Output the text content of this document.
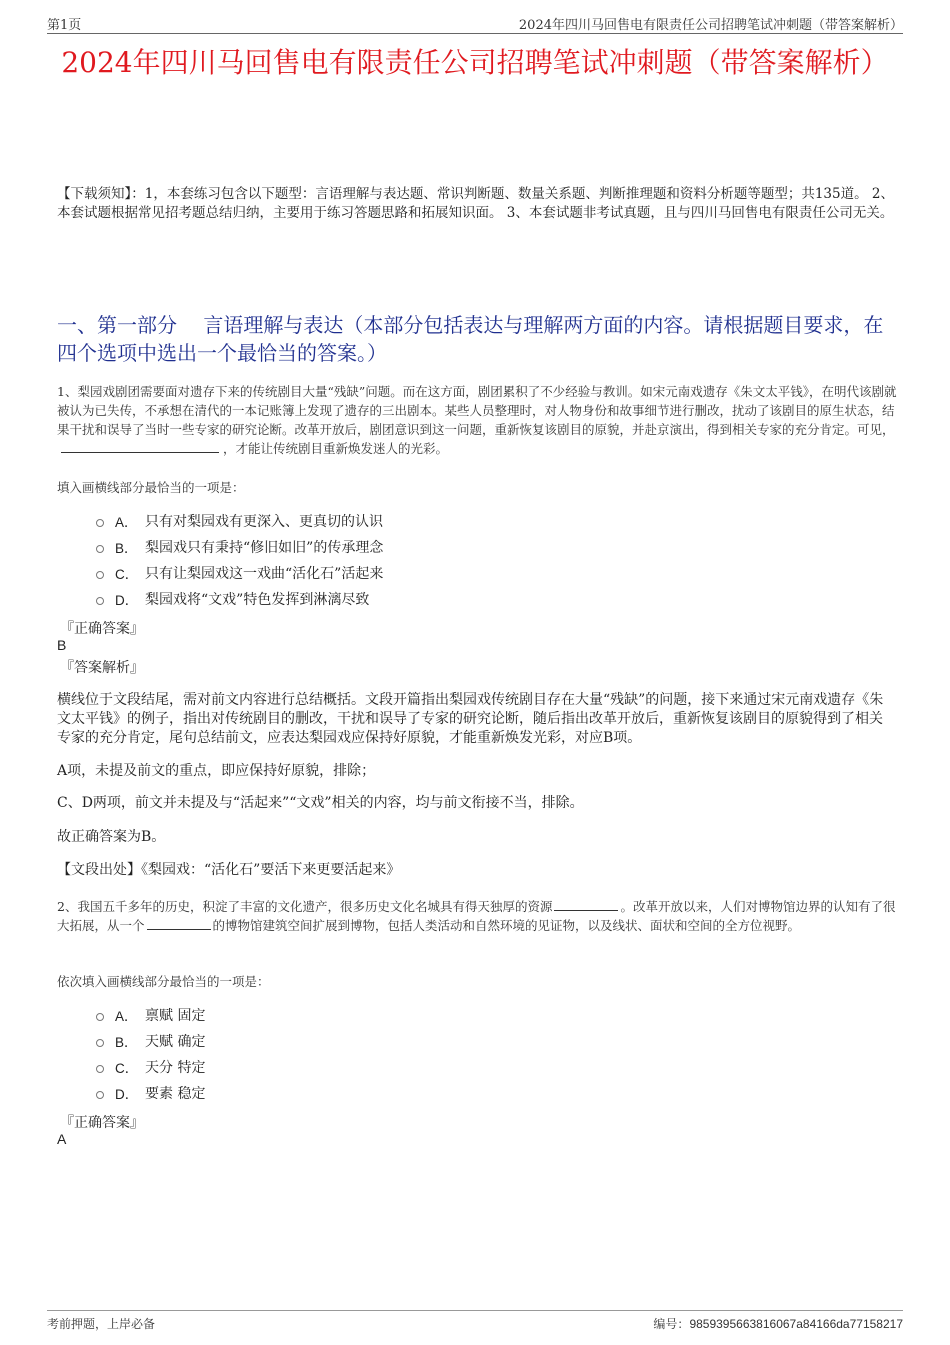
第1页	2024年四川马回售电有限责任公司招聘笔试冲刺题（带答案解析）
2024年四川马回售电有限责任公司招聘笔试冲刺题（带答案解析）
【下载须知】：1，本套练习包含以下题型：言语理解与表达题、常识判断题、数量关系题、判断推理题和资料分析题等题型；共135道。 2、本套试题根据常见招考题总结归纳，主要用于练习答题思路和拓展知识面。 3、本套试题非考试真题，且与四川马回售电有限责任公司无关。
一、第一部分　 言语理解与表达（本部分包括表达与理解两方面的内容。请根据题目要求，在四个选项中选出一个最恰当的答案。）
1、梨园戏剧团需要面对遗存下来的传统剧目大量“残缺”问题。而在这方面，剧团累积了不少经验与教训。如宋元南戏遗存《朱文太平钱》，在明代该剧就被认为已失传，不承想在清代的一本记账簿上发现了遗存的三出剧本。某些人员整理时，对人物身份和故事细节进行删改，扰动了该剧目的原生状态，结果干扰和误导了当时一些专家的研究论断。改革开放后，剧团意识到这一问题，重新恢复该剧目的原貌，并赴京演出，得到相关专家的充分肯定。可见，，才能让传统剧目重新焕发迷人的光彩。
填入画横线部分最恰当的一项是：
A． 只有对梨园戏有更深入、更真切的认识
B． 梨园戏只有秉持“修旧如旧”的传承理念
C． 只有让梨园戏这一戏曲“活化石”活起来
D． 梨园戏将“文戏”特色发挥到淋漓尽致
『正确答案』
B
『答案解析』
横线位于文段结尾，需对前文内容进行总结概括。文段开篇指出梨园戏传统剧目存在大量“残缺”的问题，接下来通过宋元南戏遗存《朱文太平钱》的例子，指出对传统剧目的删改，干扰和误导了专家的研究论断，随后指出改革开放后，重新恢复该剧目的原貌得到了相关专家的充分肯定，尾句总结前文，应表达梨园戏应保持好原貌，才能重新焕发光彩，对应B项。
A项，未提及前文的重点，即应保持好原貌，排除；
C、D两项，前文并未提及与“活起来”“文戏”相关的内容，均与前文衔接不当，排除。
故正确答案为B。
【文段出处】《梨园戏：“活化石”要活下来更要活起来》
2、我国五千多年的历史，积淀了丰富的文化遗产，很多历史文化名城具有得天独厚的资源	。改革开放以来，人们对博物馆边界的认知有了很大拓展，从一个	的博物馆建筑空间扩展到博物，包括人类活动和自然环境的见证物，以及线状、面状和空间的全方位视野。
依次填入画横线部分最恰当的一项是：
A． 禀赋 固定
B． 天赋 确定
C． 天分 特定
D． 要素 稳定
『正确答案』
A
考前押题，上岸必备	编号：9859395663816067a84166da77158217
